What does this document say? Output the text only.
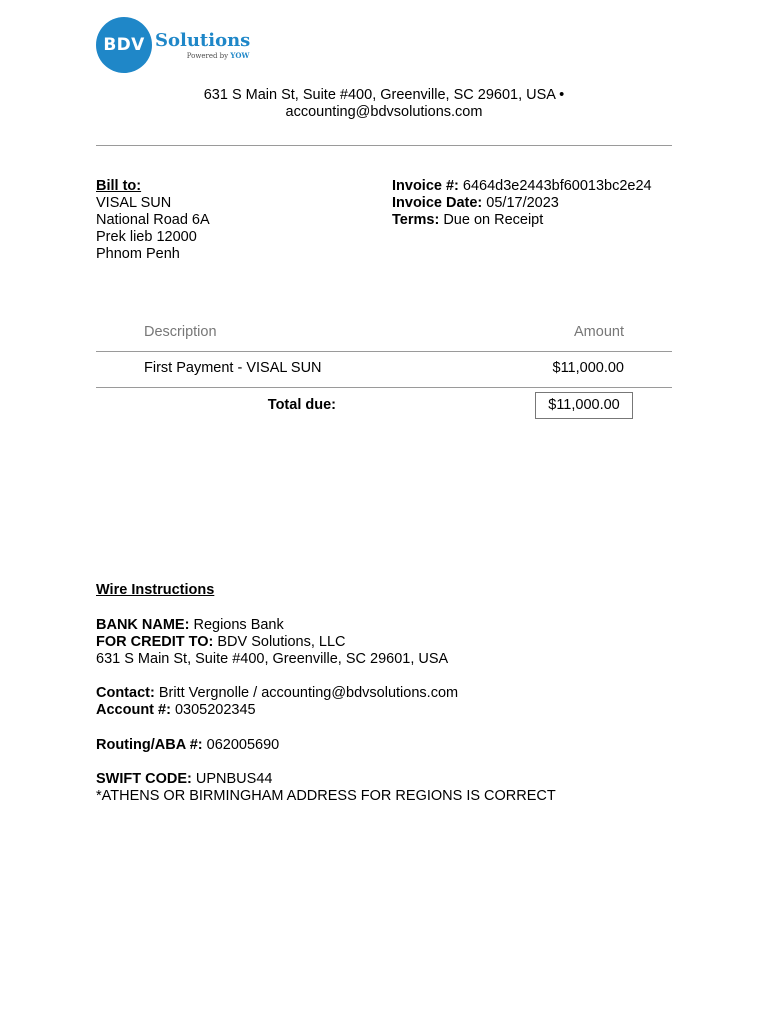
BDV Solutions
Powered by YOW
631 S Main St, Suite #400, Greenville, SC 29601, USA •
accounting@bdvsolutions.com
Bill to:
VISAL SUN
National Road 6A
Prek lieb 12000
Phnom Penh
Invoice #: 6464d3e2443bf60013bc2e24
Invoice Date: 05/17/2023
Terms: Due on Receipt
Description	Amount
First Payment - VISAL SUN	$11,000.00
Total due:	$11,000.00
Wire Instructions
BANK NAME: Regions Bank
FOR CREDIT TO: BDV Solutions, LLC
631 S Main St, Suite #400, Greenville, SC 29601, USA
Contact: Britt Vergnolle / accounting@bdvsolutions.com
Account #: 0305202345
Routing/ABA #: 062005690
SWIFT CODE: UPNBUS44
*ATHENS OR BIRMINGHAM ADDRESS FOR REGIONS IS CORRECT
